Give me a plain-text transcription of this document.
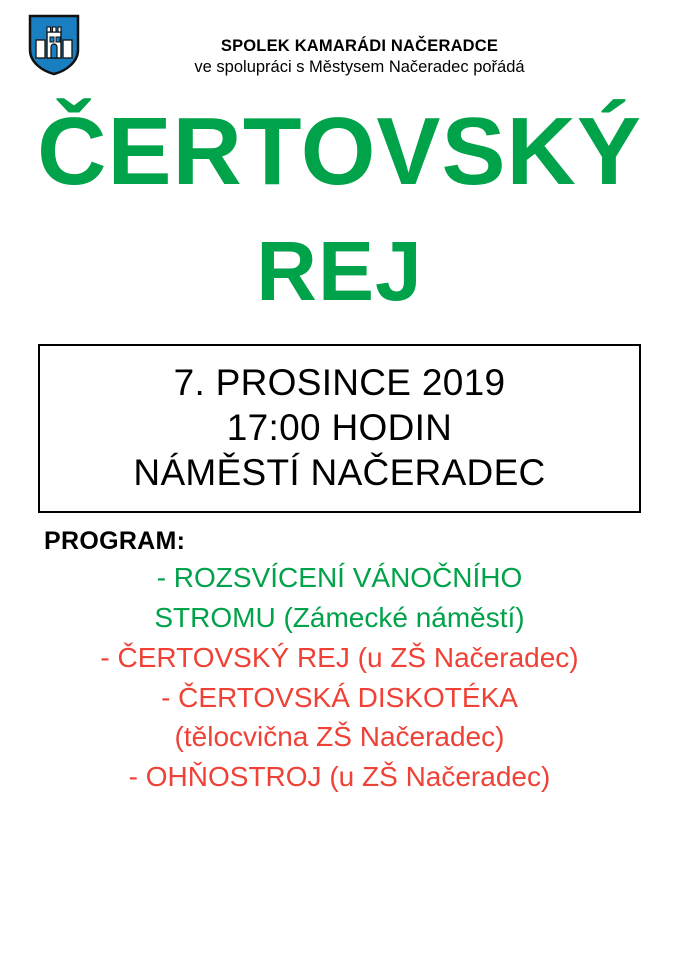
SPOLEK KAMARÁDI NAČERADCE
ve spolupráci s Městysem Načeradec pořádá
ČERTOVSKÝ
REJ
7. PROSINCE 2019
17:00 HODIN
NÁMĚSTÍ NAČERADEC
PROGRAM:
- ROZSVÍCENÍ VÁNOČNÍHO
STROMU (Zámecké náměstí)
- ČERTOVSKÝ REJ (u ZŠ Načeradec)
- ČERTOVSKÁ DISKOTÉKA
(tělocvična ZŠ Načeradec)
- OHŇOSTROJ (u ZŠ Načeradec)
